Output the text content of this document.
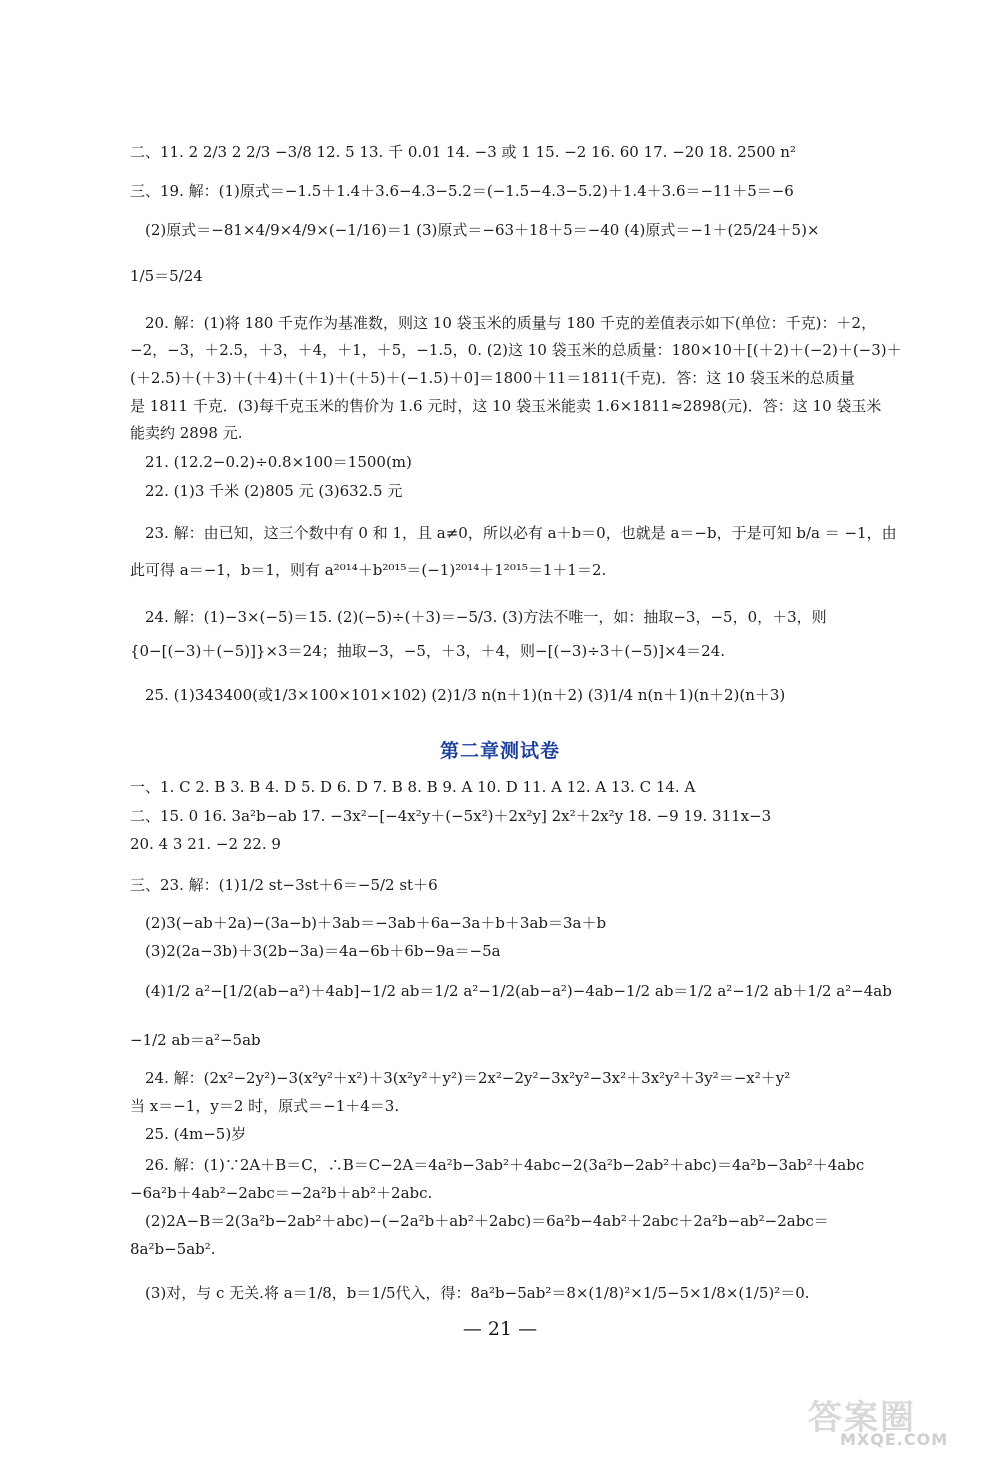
二、11. 2 2/3 2 2/3 −3/8 12. 5 13. 千 0.01 14. −3 或 1 15. −2 16. 60 17. −20 18. 2500 n²
三、19. 解：(1)原式＝−1.5＋1.4＋3.6−4.3−5.2＝(−1.5−4.3−5.2)＋1.4＋3.6＝−11＋5＝−6
(2)原式＝−81×4/9×4/9×(−1/16)＝1 (3)原式＝−63＋18＋5＝−40 (4)原式＝−1＋(25/24＋5)×
1/5＝5/24
20. 解：(1)将 180 千克作为基准数，则这 10 袋玉米的质量与 180 千克的差值表示如下(单位：千克)：＋2，
−2，−3，＋2.5，＋3，＋4，＋1，＋5，−1.5，0. (2)这 10 袋玉米的总质量：180×10＋[(＋2)＋(−2)＋(−3)＋
(＋2.5)＋(＋3)＋(＋4)＋(＋1)＋(＋5)＋(−1.5)＋0]＝1800＋11＝1811(千克)．答：这 10 袋玉米的总质量
是 1811 千克．(3)每千克玉米的售价为 1.6 元时，这 10 袋玉米能卖 1.6×1811≈2898(元)．答：这 10 袋玉米
能卖约 2898 元.
21. (12.2−0.2)÷0.8×100＝1500(m)
22. (1)3 千米 (2)805 元 (3)632.5 元
23. 解：由已知，这三个数中有 0 和 1，且 a≠0，所以必有 a＋b＝0，也就是 a＝−b，于是可知 b/a ＝ −1，由
此可得 a＝−1，b＝1，则有 a²⁰¹⁴＋b²⁰¹⁵＝(−1)²⁰¹⁴＋1²⁰¹⁵＝1＋1＝2.
24. 解：(1)−3×(−5)＝15. (2)(−5)÷(＋3)＝−5/3. (3)方法不唯一，如：抽取−3，−5，0，＋3，则
{0−[(−3)＋(−5)]}×3＝24；抽取−3，−5，＋3，＋4，则−[(−3)÷3＋(−5)]×4＝24.
25. (1)343400(或1/3×100×101×102) (2)1/3 n(n＋1)(n＋2) (3)1/4 n(n＋1)(n＋2)(n＋3)
第二章测试卷
一、1. C 2. B 3. B 4. D 5. D 6. D 7. B 8. B 9. A 10. D 11. A 12. A 13. C 14. A
二、15. 0 16. 3a²b−ab 17. −3x²−[−4x²y＋(−5x²)＋2x²y] 2x²＋2x²y 18. −9 19. 311x−3
20. 4 3 21. −2 22. 9
三、23. 解：(1)1/2 st−3st＋6＝−5/2 st＋6
(2)3(−ab＋2a)−(3a−b)＋3ab＝−3ab＋6a−3a＋b＋3ab＝3a＋b
(3)2(2a−3b)＋3(2b−3a)＝4a−6b＋6b−9a＝−5a
(4)1/2 a²−[1/2(ab−a²)＋4ab]−1/2 ab＝1/2 a²−1/2(ab−a²)−4ab−1/2 ab＝1/2 a²−1/2 ab＋1/2 a²−4ab
−1/2 ab＝a²−5ab
24. 解：(2x²−2y²)−3(x²y²＋x²)＋3(x²y²＋y²)＝2x²−2y²−3x²y²−3x²＋3x²y²＋3y²＝−x²＋y²
当 x＝−1，y＝2 时，原式＝−1＋4＝3.
25. (4m−5)岁
26. 解：(1)∵2A＋B＝C，∴B＝C−2A＝4a²b−3ab²＋4abc−2(3a²b−2ab²＋abc)＝4a²b−3ab²＋4abc
−6a²b＋4ab²−2abc＝−2a²b＋ab²＋2abc.
(2)2A−B＝2(3a²b−2ab²＋abc)−(−2a²b＋ab²＋2abc)＝6a²b−4ab²＋2abc＋2a²b−ab²−2abc＝
8a²b−5ab².
(3)对，与 c 无关.将 a＝1/8，b＝1/5代入，得：8a²b−5ab²＝8×(1/8)²×1/5−5×1/8×(1/5)²＝0.
— 21 —
答案圈
MXQE.COM
